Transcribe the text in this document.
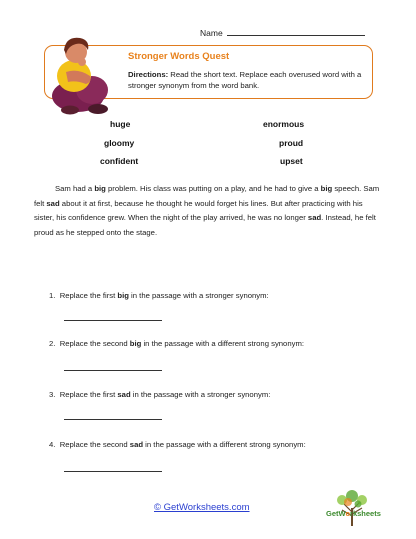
Name
Stronger Words Quest
Directions: Read the short text. Replace each overused word with a stronger synonym from the word bank.
huge	enormous
gloomy	proud
confident	upset
Sam had a big problem. His class was putting on a play, and he had to give a big speech. Sam felt sad about it at first, because he thought he would forget his lines. But after practicing with his sister, his confidence grew. When the night of the play arrived, he was no longer sad. Instead, he felt proud as he stepped onto the stage.
1. Replace the first big in the passage with a stronger synonym:
2. Replace the second big in the passage with a different strong synonym:
3. Replace the first sad in the passage with a stronger synonym:
4. Replace the second sad in the passage with a different strong synonym:
© GetWorksheets.com
GetWorksheets
